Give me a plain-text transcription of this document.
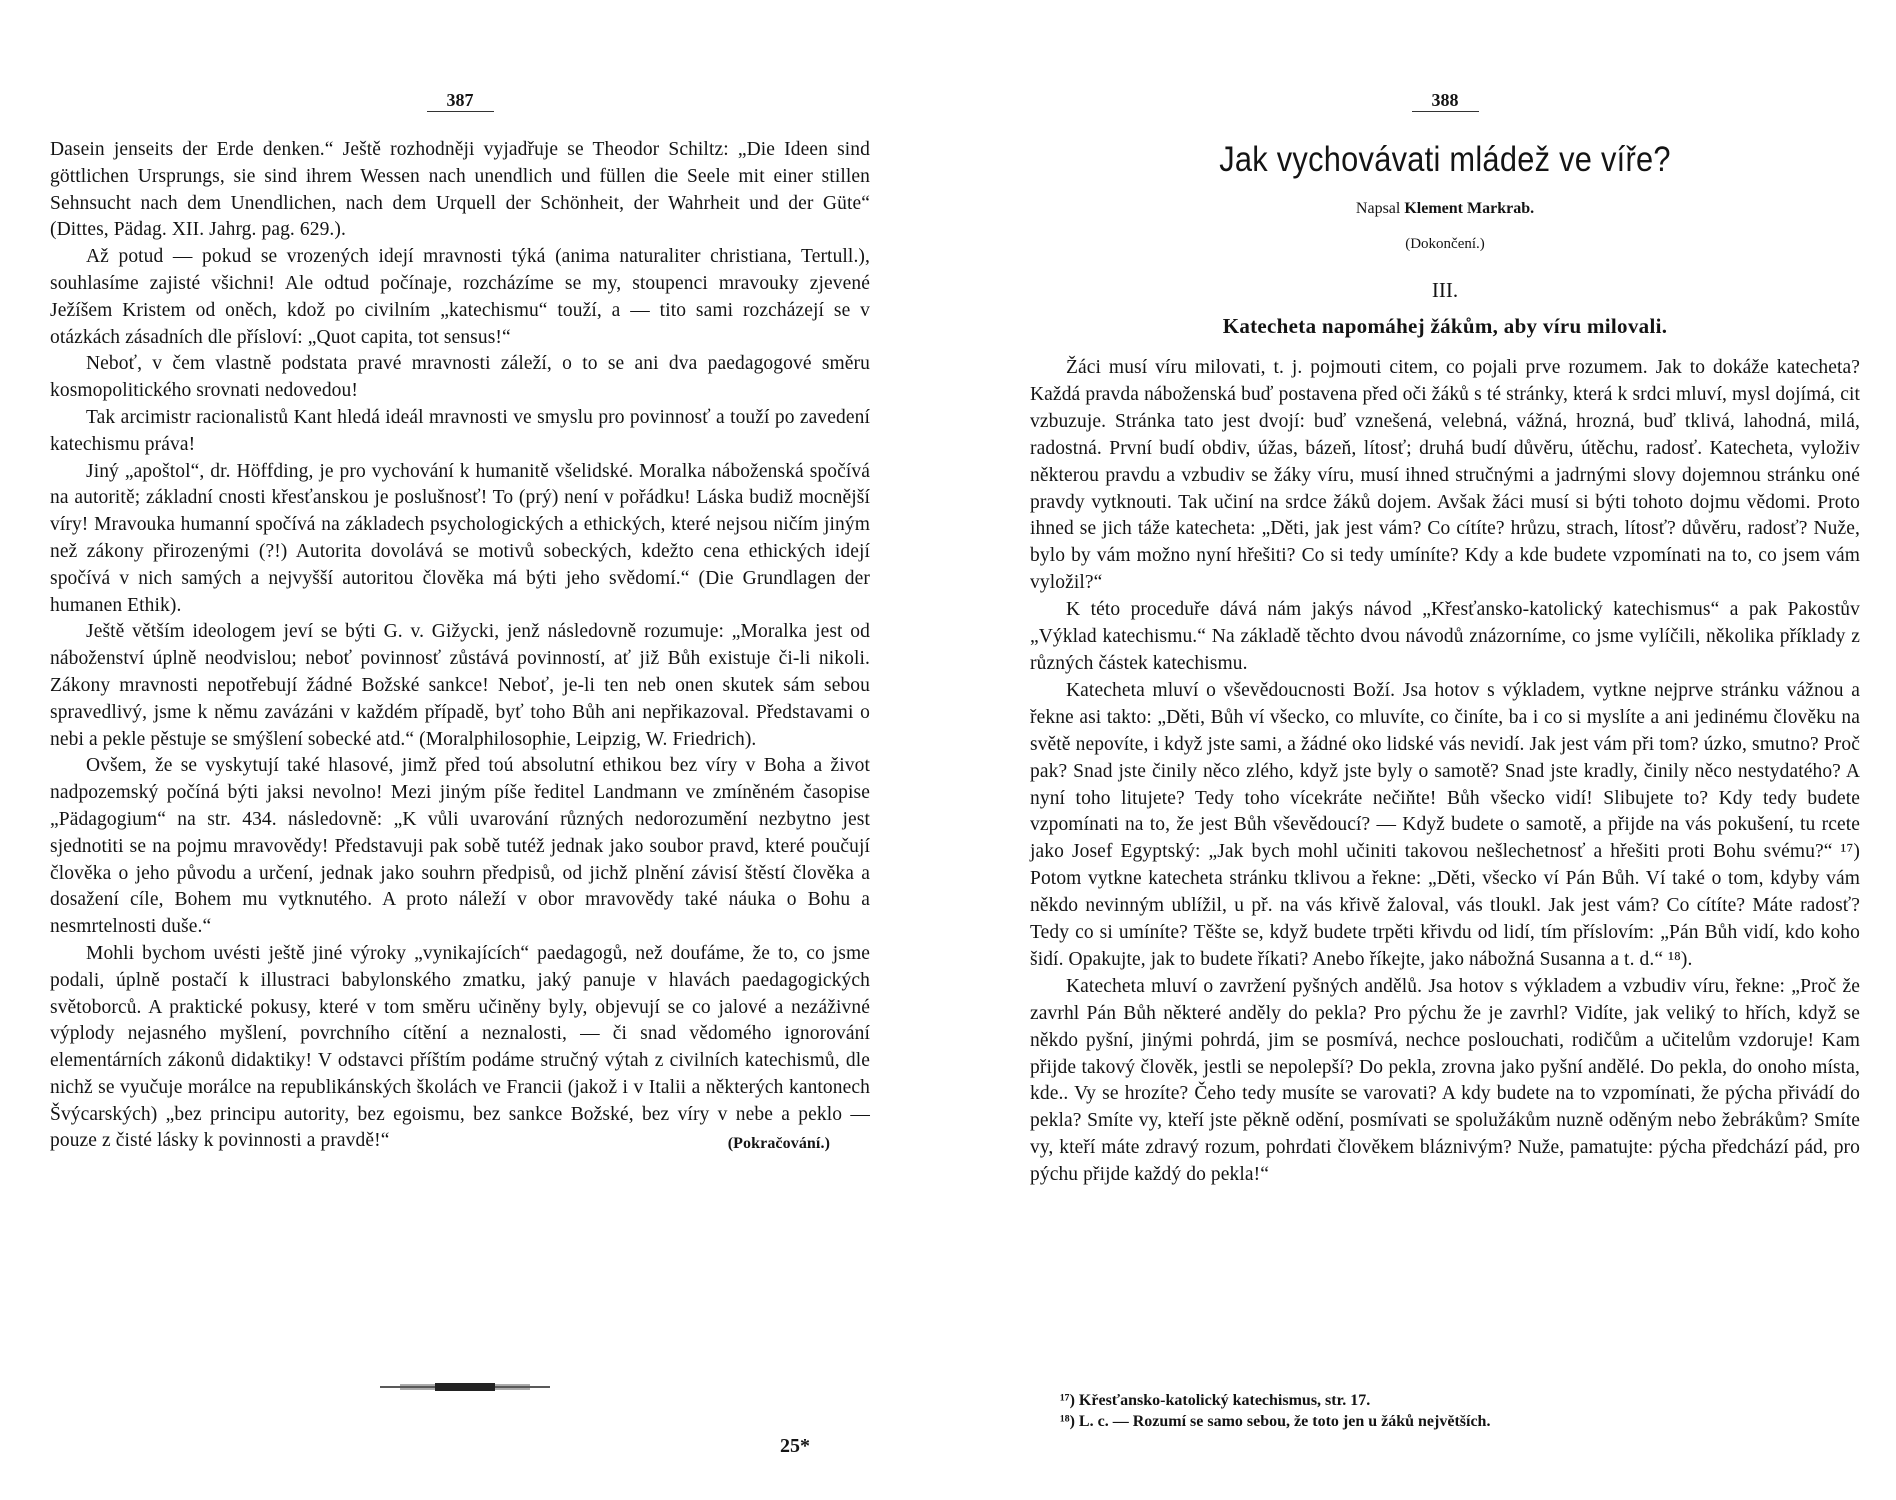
387

Dasein jenseits der Erde denken.“ Ještě rozhodněji vyjadřuje se Theodor Schiltz: „Die Ideen sind göttlichen Ursprungs, sie sind ihrem Wessen nach unendlich und füllen die Seele mit einer stillen Sehnsucht nach dem Unendlichen, nach dem Urquell der Schönheit, der Wahrheit und der Güte“ (Dittes, Pädag. XII. Jahrg. pag. 629.).

Až potud — pokud se vrozených idejí mravnosti týká (anima naturaliter christiana, Tertull.), souhlasíme zajisté všichni! Ale odtud počínaje, rozcházíme se my, stoupenci mravouky zjevené Ježíšem Kristem od oněch, kdož po civilním „katechismu“ touží, a — tito sami rozcházejí se v otázkách zásadních dle přísloví: „Quot capita, tot sensus!“

Neboť, v čem vlastně podstata pravé mravnosti záleží, o to se ani dva paedagogové směru kosmopolitického srovnati nedovedou!

Tak arcimistr racionalistů Kant hledá ideál mravnosti ve smyslu pro povinnosť a touží po zavedení katechismu práva!

Jiný „apoštol“, dr. Höffding, je pro vychování k humanitě všelidské. Moralka náboženská spočívá na autoritě; základní cnosti křesťanskou je poslušnosť! To (prý) není v pořádku! Láska budiž mocnější víry! Mravouka humanní spočívá na základech psychologických a ethických, které nejsou ničím jiným než zákony přirozenými (?!) Autorita dovolává se motivů sobeckých, kdežto cena ethických idejí spočívá v nich samých a nejvyšší autoritou člověka má býti jeho svědomí.“ (Die Grundlagen der humanen Ethik).

Ještě větším ideologem jeví se býti G. v. Gižycki, jenž následovně rozumuje: „Moralka jest od náboženství úplně neodvislou; neboť povinnosť zůstává povinností, ať již Bůh existuje či-li nikoli. Zákony mravnosti nepotřebují žádné Božské sankce! Neboť, je-li ten neb onen skutek sám sebou spravedlivý, jsme k němu zavázáni v každém případě, byť toho Bůh ani nepřikazoval. Představami o nebi a pekle pěstuje se smýšlení sobecké atd.“ (Moralphilosophie, Leipzig, W. Friedrich).

Ovšem, že se vyskytují také hlasové, jimž před toú absolutní ethikou bez víry v Boha a život nadpozemský počíná býti jaksi nevolno! Mezi jiným píše ředitel Landmann ve zmíněném časopise „Pädagogium“ na str. 434. následovně: „K vůli uvarování různých nedorozumění nezbytno jest sjednotiti se na pojmu mravovědy! Představuji pak sobě tutéž jednak jako soubor pravd, které poučují člověka o jeho původu a určení, jednak jako souhrn předpisů, od jichž plnění závisí štěstí člověka a dosažení cíle, Bohem mu vytknutého. A proto náleží v obor mravovědy také náuka o Bohu a nesmrtelnosti duše.“

Mohli bychom uvésti ještě jiné výroky „vynikajících“ paedagogů, než doufáme, že to, co jsme podali, úplně postačí k illustraci babylonského zmatku, jaký panuje v hlavách paedagogických světoborců. A praktické pokusy, které v tom směru učiněny byly, objevují se co jalové a nezáživné výplody nejasného myšlení, povrchního cítění a neznalosti, — či snad vědomého ignorování elementárních zákonů didaktiky! V odstavci příštím podáme stručný výtah z civilních katechismů, dle nichž se vyučuje morálce na republikánských školách ve Francii (jakož i v Italii a některých kantonech Švýcarských) „bez principu autority, bez egoismu, bez sankce Božské, bez víry v nebe a peklo — pouze z čisté lásky k povinnosti a pravdě!“	(Pokračování.)
25*
388
Jak vychovávati mládež ve víře?
Napsal Klement Markrab.
(Dokončení.)
III.
Katecheta napomáhej žákům, aby víru milovali.

Žáci musí víru milovati, t. j. pojmouti citem, co pojali prve rozumem. Jak to dokáže katecheta? Každá pravda náboženská buď postavena před oči žáků s té stránky, která k srdci mluví, mysl dojímá, cit vzbuzuje. Stránka tato jest dvojí: buď vznešená, velebná, vážná, hrozná, buď tklivá, lahodná, milá, radostná. První budí obdiv, úžas, bázeň, lítosť; druhá budí důvěru, útěchu, radosť. Katecheta, vyloživ některou pravdu a vzbudiv se žáky víru, musí ihned stručnými a jadrnými slovy dojemnou stránku oné pravdy vytknouti. Tak učiní na srdce žáků dojem. Avšak žáci musí si býti tohoto dojmu vědomi. Proto ihned se jich táže katecheta: „Děti, jak jest vám? Co cítíte? hrůzu, strach, lítosť? důvěru, radosť? Nuže, bylo by vám možno nyní hřešiti? Co si tedy umíníte? Kdy a kde budete vzpomínati na to, co jsem vám vyložil?“

K této proceduře dává nám jakýs návod „Křesťansko-katolický katechismus“ a pak Pakostův „Výklad katechismu.“ Na základě těchto dvou návodů znázorníme, co jsme vylíčili, několika příklady z různých částek katechismu.

Katecheta mluví o vševědoucnosti Boží. Jsa hotov s výkladem, vytkne nejprve stránku vážnou a řekne asi takto: „Děti, Bůh ví všecko, co mluvíte, co činíte, ba i co si myslíte a ani jedinému člověku na světě nepovíte, i když jste sami, a žádné oko lidské vás nevidí. Jak jest vám při tom? úzko, smutno? Proč pak? Snad jste činily něco zlého, když jste byly o samotě? Snad jste kradly, činily něco nestydatého? A nyní toho litujete? Tedy toho vícekráte nečiňte! Bůh všecko vidí! Slibujete to? Kdy tedy budete vzpomínati na to, že jest Bůh vševědoucí? — Když budete o samotě, a přijde na vás pokušení, tu rcete jako Josef Egyptský: „Jak bych mohl učiniti takovou nešlechetnosť a hřešiti proti Bohu svému?“ ¹⁷) Potom vytkne katecheta stránku tklivou a řekne: „Děti, všecko ví Pán Bůh. Ví také o tom, kdyby vám někdo nevinným ublížil, u př. na vás křivě žaloval, vás tloukl. Jak jest vám? Co cítíte? Máte radosť? Tedy co si umíníte? Těšte se, když budete trpěti křivdu od lidí, tím příslovím: „Pán Bůh vidí, kdo koho šidí. Opakujte, jak to budete říkati? Anebo říkejte, jako nábožná Susanna a t. d.“ ¹⁸).

Katecheta mluví o zavržení pyšných andělů. Jsa hotov s výkladem a vzbudiv víru, řekne: „Proč že zavrhl Pán Bůh některé anděly do pekla? Pro pýchu že je zavrhl? Vidíte, jak veliký to hřích, když se někdo pyšní, jinými pohrdá, jim se posmívá, nechce poslouchati, rodičům a učitelům vzdoruje! Kam přijde takový člověk, jestli se nepolepší? Do pekla, zrovna jako pyšní andělé. Do pekla, do onoho místa, kde.. Vy se hrozíte? Čeho tedy musíte se varovati? A kdy budete na to vzpomínati, že pýcha přivádí do pekla? Smíte vy, kteří jste pěkně odění, posmívati se spolužákům nuzně oděným nebo žebrákům? Smíte vy, kteří máte zdravý rozum, pohrdati člověkem bláznivým? Nuže, pamatujte: pýcha předchází pád, pro pýchu přijde každý do pekla!“

¹⁷) Křesťansko-katolický katechismus, str. 17.

¹⁸) L. c. — Rozumí se samo sebou, že toto jen u žáků největších.
